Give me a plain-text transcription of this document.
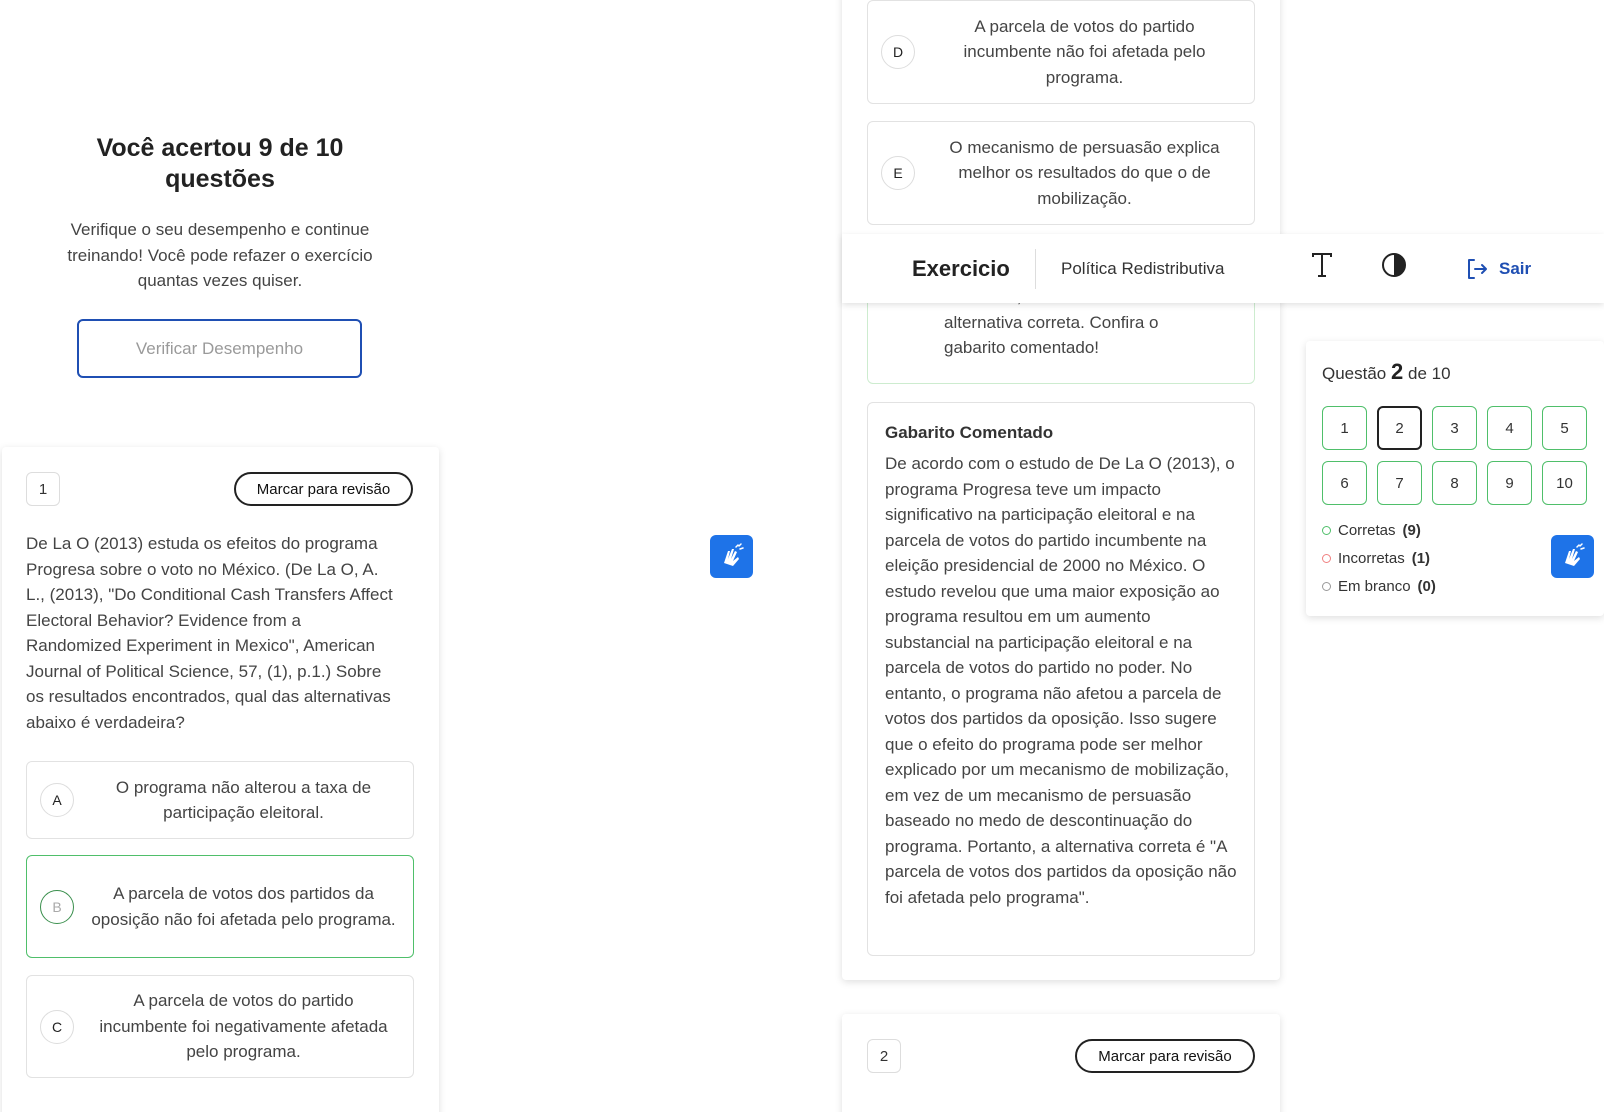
Você acertou 9 de 10 questões
Verifique o seu desempenho e continue treinando! Você pode refazer o exercício quantas vezes quiser.
Verificar Desempenho
1	Marcar para revisão
De La O (2013) estuda os efeitos do programa Progresa sobre o voto no México. (De La O, A. L., (2013), "Do Conditional Cash Transfers Affect Electoral Behavior? Evidence from a Randomized Experiment in Mexico", American Journal of Political Science, 57, (1), p.1.) Sobre os resultados encontrados, qual das alternativas abaixo é verdadeira?
A
O programa não alterou a taxa de participação eleitoral.
B
A parcela de votos dos partidos da oposição não foi afetada pelo programa.
C
A parcela de votos do partido incumbente foi negativamente afetada pelo programa.
D
A parcela de votos do partido incumbente não foi afetada pelo programa.
E
O mecanismo de persuasão explica melhor os resultados do que o de mobilização.
alternativa correta. Confira o gabarito comentado!
Gabarito Comentado
De acordo com o estudo de De La O (2013), o programa Progresa teve um impacto significativo na participação eleitoral e na parcela de votos do partido incumbente na eleição presidencial de 2000 no México. O estudo revelou que uma maior exposição ao programa resultou em um aumento substancial na participação eleitoral e na parcela de votos do partido no poder. No entanto, o programa não afetou a parcela de votos dos partidos da oposição. Isso sugere que o efeito do programa pode ser melhor explicado por um mecanismo de mobilização, em vez de um mecanismo de persuasão baseado no medo de descontinuação do programa. Portanto, a alternativa correta é "A parcela de votos dos partidos da oposição não foi afetada pelo programa".
2	Marcar para revisão
Exercicio	Política Redistributiva	Sair
Questão 2 de 10
1	2	3	4	5
6	7	8	9	10
Corretas (9)
Incorretas (1)
Em branco (0)
